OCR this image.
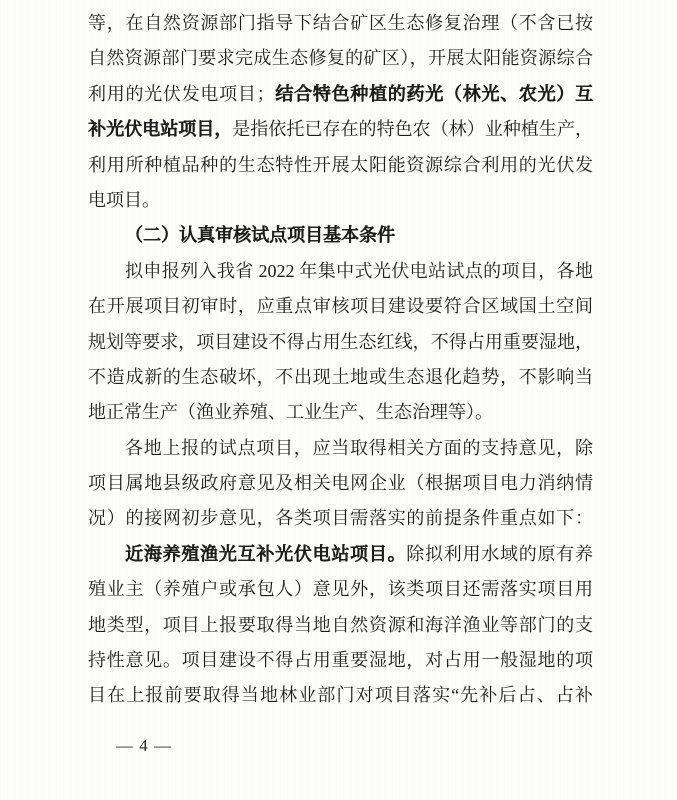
等，在自然资源部门指导下结合矿区生态修复治理（不含已按
自然资源部门要求完成生态修复的矿区），开展太阳能资源综合
利用的光伏发电项目；结合特色种植的药光（林光、农光）互
补光伏电站项目，是指依托已存在的特色农（林）业种植生产，
利用所种植品种的生态特性开展太阳能资源综合利用的光伏发
电项目。
（二）认真审核试点项目基本条件
拟申报列入我省 2022 年集中式光伏电站试点的项目，各地
在开展项目初审时，应重点审核项目建设要符合区域国土空间
规划等要求，项目建设不得占用生态红线，不得占用重要湿地，
不造成新的生态破坏，不出现土地或生态退化趋势，不影响当
地正常生产（渔业养殖、工业生产、生态治理等）。
各地上报的试点项目，应当取得相关方面的支持意见，除
项目属地县级政府意见及相关电网企业（根据项目电力消纳情
况）的接网初步意见，各类项目需落实的前提条件重点如下：
近海养殖渔光互补光伏电站项目。除拟利用水域的原有养
殖业主（养殖户或承包人）意见外，该类项目还需落实项目用
地类型，项目上报要取得当地自然资源和海洋渔业等部门的支
持性意见。项目建设不得占用重要湿地，对占用一般湿地的项
目在上报前要取得当地林业部门对项目落实“先补后占、占补
— 4 —
